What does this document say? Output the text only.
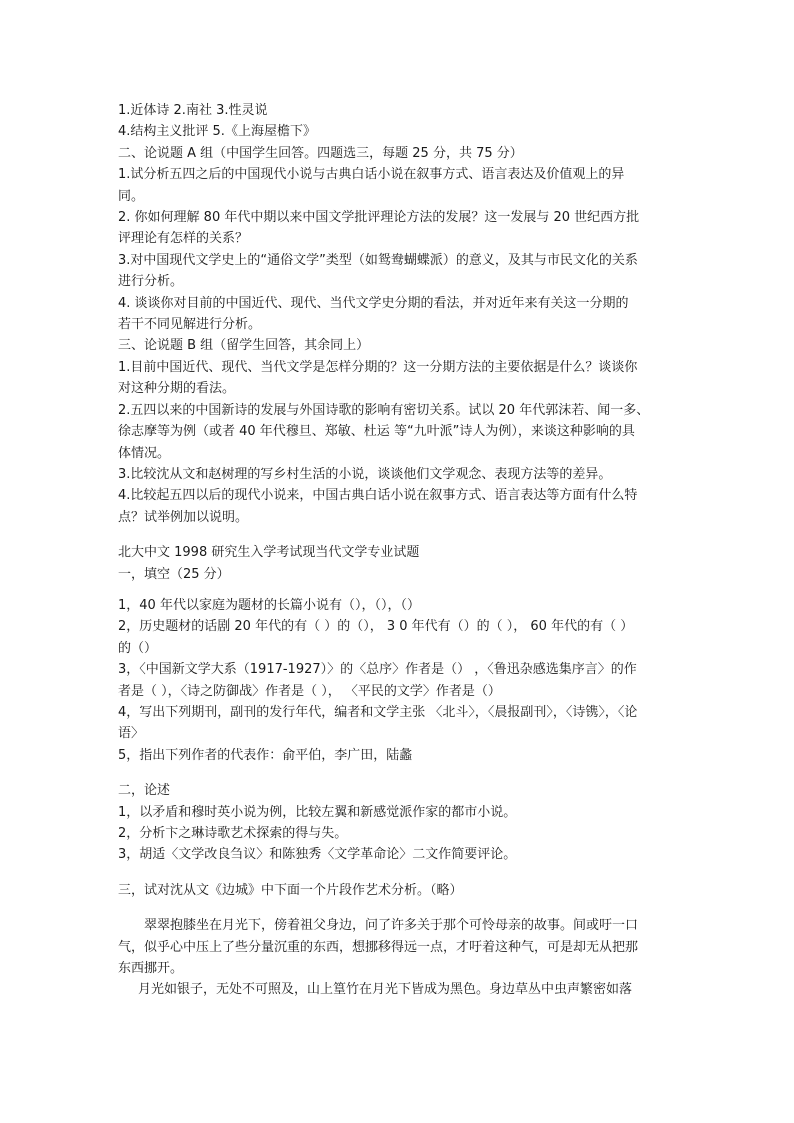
1.近体诗 2.南社 3.性灵说

4.结构主义批评 5.《上海屋檐下》

二、论说题 A 组（中国学生回答。四题选三，每题 25 分，共 75 分）

1.试分析五四之后的中国现代小说与古典白话小说在叙事方式、语言表达及价值观上的异

同。

2. 你如何理解 80 年代中期以来中国文学批评理论方法的发展？这一发展与 20 世纪西方批

评理论有怎样的关系？

3.对中国现代文学史上的“通俗文学”类型（如鸳鸯蝴蝶派）的意义，及其与市民文化的关系

进行分析。

4. 谈谈你对目前的中国近代、现代、当代文学史分期的看法，并对近年来有关这一分期的

若干不同见解进行分析。

三、论说题 B 组（留学生回答，其余同上）

1.目前中国近代、现代、当代文学是怎样分期的？这一分期方法的主要依据是什么？谈谈你

对这种分期的看法。

2.五四以来的中国新诗的发展与外国诗歌的影响有密切关系。试以 20 年代郭沫若、闻一多、

徐志摩等为例（或者 40 年代穆旦、郑敏、杜运 等“九叶派”诗人为例），来谈这种影响的具

体情况。

3.比较沈从文和赵树理的写乡村生活的小说，谈谈他们文学观念、表现方法等的差异。

4.比较起五四以后的现代小说来，中国古典白话小说在叙事方式、语言表达等方面有什么特

点？试举例加以说明。

北大中文 1998 研究生入学考试现当代文学专业试题

一，填空（25 分）

1，40 年代以家庭为题材的长篇小说有（），（），（）

2，历史题材的话剧 20 年代的有（ ）的（）， 3 0 年代有（）的（ ）， 60 年代的有（ ）

的（）

3，〈中国新文学大系（1917-1927）〉的〈总序〉作者是（） ，〈鲁迅杂感选集序言〉的作

者是（ ），〈诗之防御战〉作者是（ ）， 〈平民的文学〉作者是（）

4，写出下列期刊，副刊的发行年代，编者和文学主张 〈北斗〉，〈晨报副刊〉，〈诗镌〉，〈论

语〉

5，指出下列作者的代表作：俞平伯，李广田，陆蠡

二，论述

1，以矛盾和穆时英小说为例，比较左翼和新感觉派作家的都市小说。

2，分析卞之琳诗歌艺术探索的得与失。

3，胡适〈文学改良刍议〉和陈独秀〈文学革命论〉二文作简要评论。

三，试对沈从文《边城》中下面一个片段作艺术分析。（略）

翠翠抱膝坐在月光下，傍着祖父身边，问了许多关于那个可怜母亲的故事。间或吁一口

气，似乎心中压上了些分量沉重的东西，想挪移得远一点，才吁着这种气，可是却无从把那

东西挪开。

月光如银子，无处不可照及，山上篁竹在月光下皆成为黑色。身边草丛中虫声繁密如落
